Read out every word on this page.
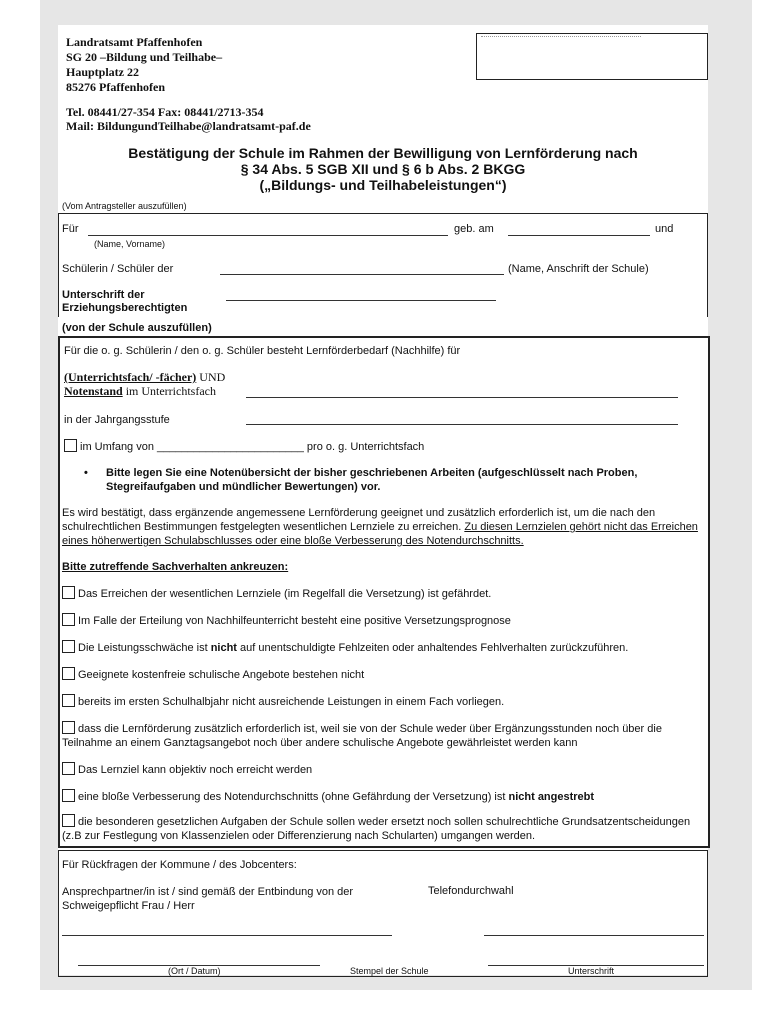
Landratsamt Pfaffenhofen

SG 20 –Bildung und Teilhabe–

Hauptplatz 22

85276 Pfaffenhofen

Tel. 08441/27-354 Fax: 08441/2713-354

Mail: BildungundTeilhabe@landratsamt-paf.de

Bestätigung der Schule im Rahmen der Bewilligung von Lernförderung nach

§ 34 Abs. 5 SGB XII und § 6 b Abs. 2 BKGG

(„Bildungs- und Teilhabeleistungen“)

(Vom Antragsteller auszufüllen)
Für	geb. am	und
(Name, Vorname)
Schülerin / Schüler der	(Name, Anschrift der Schule)

Unterschrift der

Erziehungsberechtigten

(von der Schule auszufüllen)
Für die o. g. Schülerin / den o. g. Schüler besteht Lernförderbedarf (Nachhilfe) für

(Unterrichtsfach/ -fächer) UND

Notenstand im Unterrichtsfach

in der Jahrgangsstufe
im Umfang von ________________________ pro o. g. Unterrichtsfach
•	Bitte legen Sie eine Notenübersicht der bisher geschriebenen Arbeiten (aufgeschlüsselt nach Proben, Stegreifaufgaben und mündlicher Bewertungen) vor.

Es wird bestätigt, dass ergänzende angemessene Lernförderung geeignet und zusätzlich erforderlich ist, um die nach den schulrechtlichen Bestimmungen festgelegten wesentlichen Lernziele zu erreichen. Zu diesen Lernzielen gehört nicht das Erreichen eines höherwertigen Schulabschlusses oder eine bloße Verbesserung des Notendurchschnitts.
Bitte zutreffende Sachverhalten ankreuzen:
Das Erreichen der wesentlichen Lernziele (im Regelfall die Versetzung) ist gefährdet.
Im Falle der Erteilung von Nachhilfeunterricht besteht eine positive Versetzungsprognose
Die Leistungsschwäche ist nicht auf unentschuldigte Fehlzeiten oder anhaltendes Fehlverhalten zurückzuführen.
Geeignete kostenfreie schulische Angebote bestehen nicht
bereits im ersten Schulhalbjahr nicht ausreichende Leistungen in einem Fach vorliegen.
dass die Lernförderung zusätzlich erforderlich ist, weil sie von der Schule weder über Ergänzungsstunden noch über die Teilnahme an einem Ganztagsangebot noch über andere schulische Angebote gewährleistet werden kann
Das Lernziel kann objektiv noch erreicht werden
eine bloße Verbesserung des Notendurchschnitts (ohne Gefährdung der Versetzung) ist nicht angestrebt
die besonderen gesetzlichen Aufgaben der Schule sollen weder ersetzt noch sollen schulrechtliche Grundsatzentscheidungen (z.B zur Festlegung von Klassenzielen oder Differenzierung nach Schularten) umgangen werden.
Für Rückfragen der Kommune / des Jobcenters:

Ansprechpartner/in ist / sind gemäß der Entbindung von der

Schweigepflicht Frau / Herr

Telefondurchwahl
(Ort / Datum)	Stempel der Schule	Unterschrift
